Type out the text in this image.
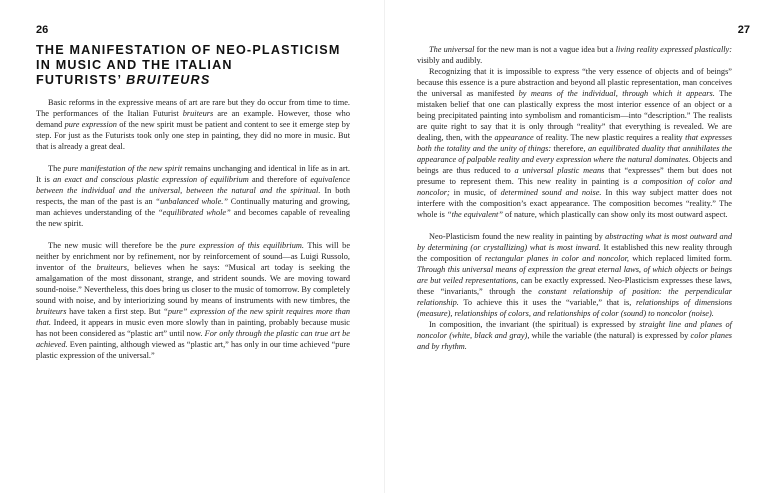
26
THE MANIFESTATION OF NEO-PLASTICISM
IN MUSIC AND THE ITALIAN
FUTURISTS’ BRUITEURS

Basic reforms in the expressive means of art are rare but they do occur from time to time. The performances of the Italian Futurist bruiteurs are an example. However, those who demand pure expression of the new spirit must be patient and content to see it emerge step by step. For just as the Futurists took only one step in painting, they did no more in music. But that is already a great deal.

The pure manifestation of the new spirit remains unchanging and identical in life as in art. It is an exact and conscious plastic expression of equilibrium and therefore of equivalence between the individual and the universal, between the natural and the spiritual. In both respects, the man of the past is an “unbalanced whole.” Continually maturing and growing, man achieves understanding of the “equilibrated whole” and becomes capable of revealing the new spirit.

The new music will therefore be the pure expression of this equilibrium. This will be neither by enrichment nor by refinement, nor by reinforcement of sound—as Luigi Russolo, inventor of the bruiteurs, believes when he says: “Musical art today is seeking the amalgamation of the most dissonant, strange, and strident sounds. We are moving toward sound-noise.” Nevertheless, this does bring us closer to the music of tomorrow. By completely sound with noise, and by interiorizing sound by means of instruments with new timbres, the bruiteurs have taken a first step. But “pure” expression of the new spirit requires more than that. Indeed, it appears in music even more slowly than in painting, probably because music has not been considered as “plastic art” until now. For only through the plastic can true art be achieved. Even painting, although viewed as “plastic art,” has only in our time achieved “pure plastic expression of the universal.”

27

The universal for the new man is not a vague idea but a living reality expressed plastically: visibly and audibly.

Recognizing that it is impossible to express “the very essence of objects and of beings” because this essence is a pure abstraction and beyond all plastic representation, man conceives the universal as manifested by means of the individual, through which it appears. The mistaken belief that one can plastically express the most interior essence of an object or a being precipitated painting into symbolism and romanticism—into “description.” The realists are quite right to say that it is only through “reality” that everything is revealed. We are dealing, then, with the appearance of reality. The new plastic requires a reality that expresses both the totality and the unity of things: therefore, an equilibrated duality that annihilates the appearance of palpable reality and every expression where the natural dominates. Objects and beings are thus reduced to a universal plastic means that “expresses” them but does not presume to represent them. This new reality in painting is a composition of color and noncolor; in music, of determined sound and noise. In this way subject matter does not interfere with the composition’s exact appearance. The composition becomes “reality.” The whole is “the equivalent” of nature, which plastically can show only its most outward aspect.

Neo-Plasticism found the new reality in painting by abstracting what is most outward and by determining (or crystallizing) what is most inward. It established this new reality through the composition of rectangular planes in color and noncolor, which replaced limited form. Through this universal means of expression the great eternal laws, of which objects or beings are but veiled representations, can be exactly expressed. Neo-Plasticism expresses these laws, these “invariants,” through the constant relationship of position: the perpendicular relationship. To achieve this it uses the “variable,” that is, relationships of dimensions (measure), relationships of colors, and relationships of color (sound) to noncolor (noise).

In composition, the invariant (the spiritual) is expressed by straight line and planes of noncolor (white, black and gray), while the variable (the natural) is expressed by color planes and by rhythm.
